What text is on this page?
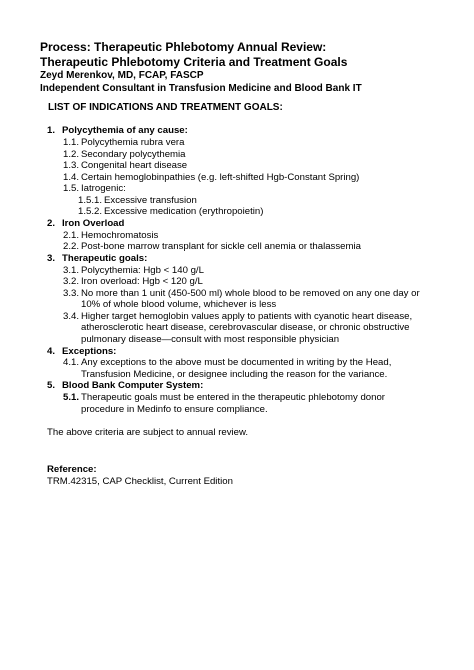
Process: Therapeutic Phlebotomy Annual Review:
Therapeutic Phlebotomy Criteria and Treatment Goals
Zeyd Merenkov, MD, FCAP, FASCP
Independent Consultant in Transfusion Medicine and Blood Bank IT
LIST OF INDICATIONS AND TREATMENT GOALS:
1. Polycythemia of any cause:
1.1. Polycythemia rubra vera
1.2. Secondary polycythemia
1.3. Congenital heart disease
1.4. Certain hemoglobinpathies (e.g. left-shifted Hgb-Constant Spring)
1.5. Iatrogenic:
1.5.1. Excessive transfusion
1.5.2. Excessive medication (erythropoietin)
2. Iron Overload
2.1. Hemochromatosis
2.2. Post-bone marrow transplant for sickle cell anemia or thalassemia
3. Therapeutic goals:
3.1. Polycythemia: Hgb < 140 g/L
3.2. Iron overload: Hgb < 120 g/L
3.3. No more than 1 unit (450-500 ml) whole blood to be removed on any one day or
10% of whole blood volume, whichever is less
3.4. Higher target hemoglobin values apply to patients with cyanotic heart disease,
atherosclerotic heart disease, cerebrovascular disease, or chronic obstructive
pulmonary disease—consult with most responsible physician
4. Exceptions:
4.1. Any exceptions to the above must be documented in writing by the Head,
Transfusion Medicine, or designee including the reason for the variance.
5. Blood Bank Computer System:
5.1. Therapeutic goals must be entered in the therapeutic phlebotomy donor
procedure in Medinfo to ensure compliance.
The above criteria are subject to annual review.
Reference:
TRM.42315, CAP Checklist, Current Edition
